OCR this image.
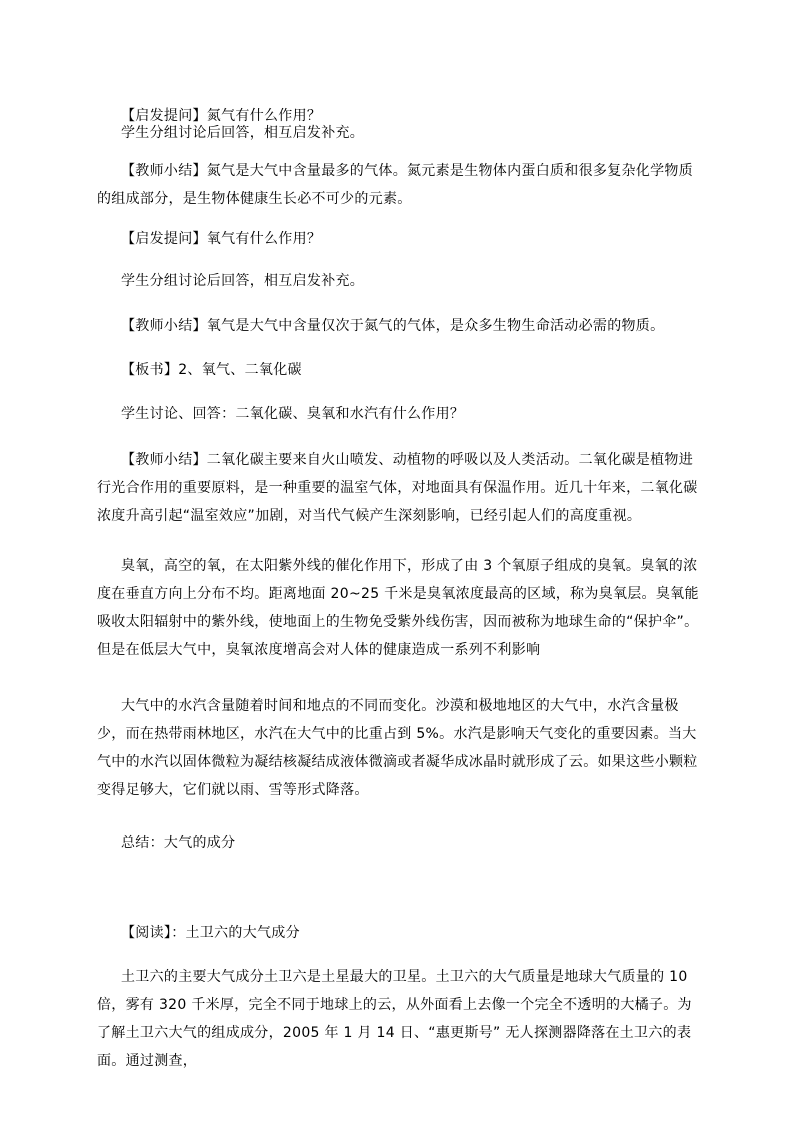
【启发提问】氮气有什么作用？

学生分组讨论后回答，相互启发补充。

【教师小结】氮气是大气中含量最多的气体。氮元素是生物体内蛋白质和很多复杂化学物质的组成部分，是生物体健康生长必不可少的元素。

【启发提问】氧气有什么作用？

学生分组讨论后回答，相互启发补充。

【教师小结】氧气是大气中含量仅次于氮气的气体，是众多生物生命活动必需的物质。

【板书】2、氧气、二氧化碳

学生讨论、回答：二氧化碳、臭氧和水汽有什么作用？

【教师小结】二氧化碳主要来自火山喷发、动植物的呼吸以及人类活动。二氧化碳是植物进行光合作用的重要原料，是一种重要的温室气体，对地面具有保温作用。近几十年来，二氧化碳浓度升高引起“温室效应”加剧，对当代气候产生深刻影响，已经引起人们的高度重视。

臭氧，高空的氧，在太阳紫外线的催化作用下，形成了由 3 个氧原子组成的臭氧。臭氧的浓度在垂直方向上分布不均。距离地面 20~25 千米是臭氧浓度最高的区域，称为臭氧层。臭氧能吸收太阳辐射中的紫外线，使地面上的生物免受紫外线伤害，因而被称为地球生命的“保护伞”。但是在低层大气中，臭氧浓度增高会对人体的健康造成一系列不利影响

大气中的水汽含量随着时间和地点的不同而变化。沙漠和极地地区的大气中，水汽含量极少，而在热带雨林地区，水汽在大气中的比重占到 5%。水汽是影响天气变化的重要因素。当大气中的水汽以固体微粒为凝结核凝结成液体微滴或者凝华成冰晶时就形成了云。如果这些小颗粒变得足够大，它们就以雨、雪等形式降落。

总结：大气的成分

【阅读】：土卫六的大气成分

土卫六的主要大气成分土卫六是土星最大的卫星。土卫六的大气质量是地球大气质量的 10 倍，雾有 320 千米厚，完全不同于地球上的云，从外面看上去像一个完全不透明的大橘子。为了解土卫六大气的组成成分，2005 年 1 月 14 日、“惠更斯号” 无人探测器降落在土卫六的表面。通过测查，
